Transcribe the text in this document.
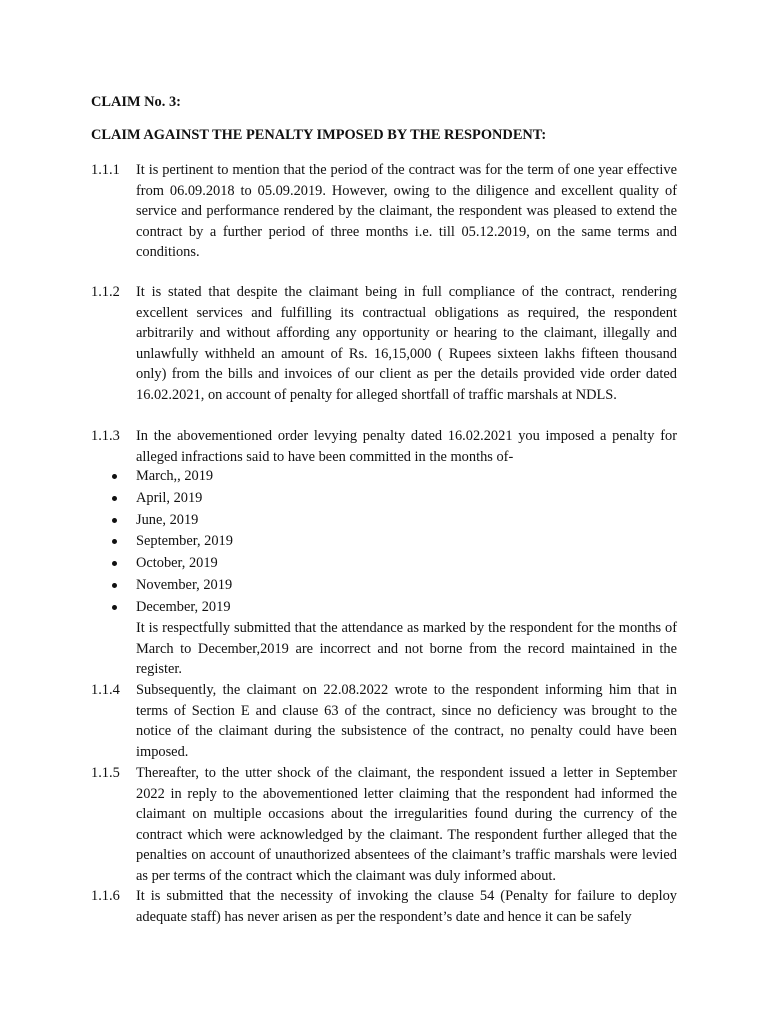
CLAIM No. 3:
CLAIM AGAINST THE PENALTY IMPOSED BY THE RESPONDENT:
1.1.1	It is pertinent to mention that the period of the contract was for the term of one year effective from 06.09.2018 to 05.09.2019. However, owing to the diligence and excellent quality of service and performance rendered by the claimant, the respondent was pleased to extend the contract by a further period of three months i.e. till 05.12.2019, on the same terms and conditions.
1.1.2	It is stated that despite the claimant being in full compliance of the contract, rendering excellent services and fulfilling its contractual obligations as required, the respondent arbitrarily and without affording any opportunity or hearing to the claimant, illegally and unlawfully withheld an amount of Rs. 16,15,000 ( Rupees sixteen lakhs fifteen thousand only) from the bills and invoices of our client as per the details provided vide order dated 16.02.2021, on account of penalty for alleged shortfall of traffic marshals at NDLS.
1.1.3	In the abovementioned order levying penalty dated 16.02.2021 you imposed a penalty for alleged infractions said to have been committed in the months of-
March,, 2019
April, 2019
June, 2019
September, 2019
October, 2019
November, 2019
December, 2019
It is respectfully submitted that the attendance as marked by the respondent for the months of March to December,2019 are incorrect and not borne from the record maintained in the register.
1.1.4	Subsequently, the claimant on 22.08.2022 wrote to the respondent informing him that in terms of Section E and clause 63 of the contract, since no deficiency was brought to the notice of the claimant during the subsistence of the contract, no penalty could have been imposed.
1.1.5	Thereafter, to the utter shock of the claimant, the respondent issued a letter in September 2022 in reply to the abovementioned letter claiming that the respondent had informed the claimant on multiple occasions about the irregularities found during the currency of the contract which were acknowledged by the claimant. The respondent further alleged that the penalties on account of unauthorized absentees of the claimant’s traffic marshals were levied as per terms of the contract which the claimant was duly informed about.
1.1.6	It is submitted that the necessity of invoking the clause 54 (Penalty for failure to deploy adequate staff) has never arisen as per the respondent’s date and hence it can be safely
